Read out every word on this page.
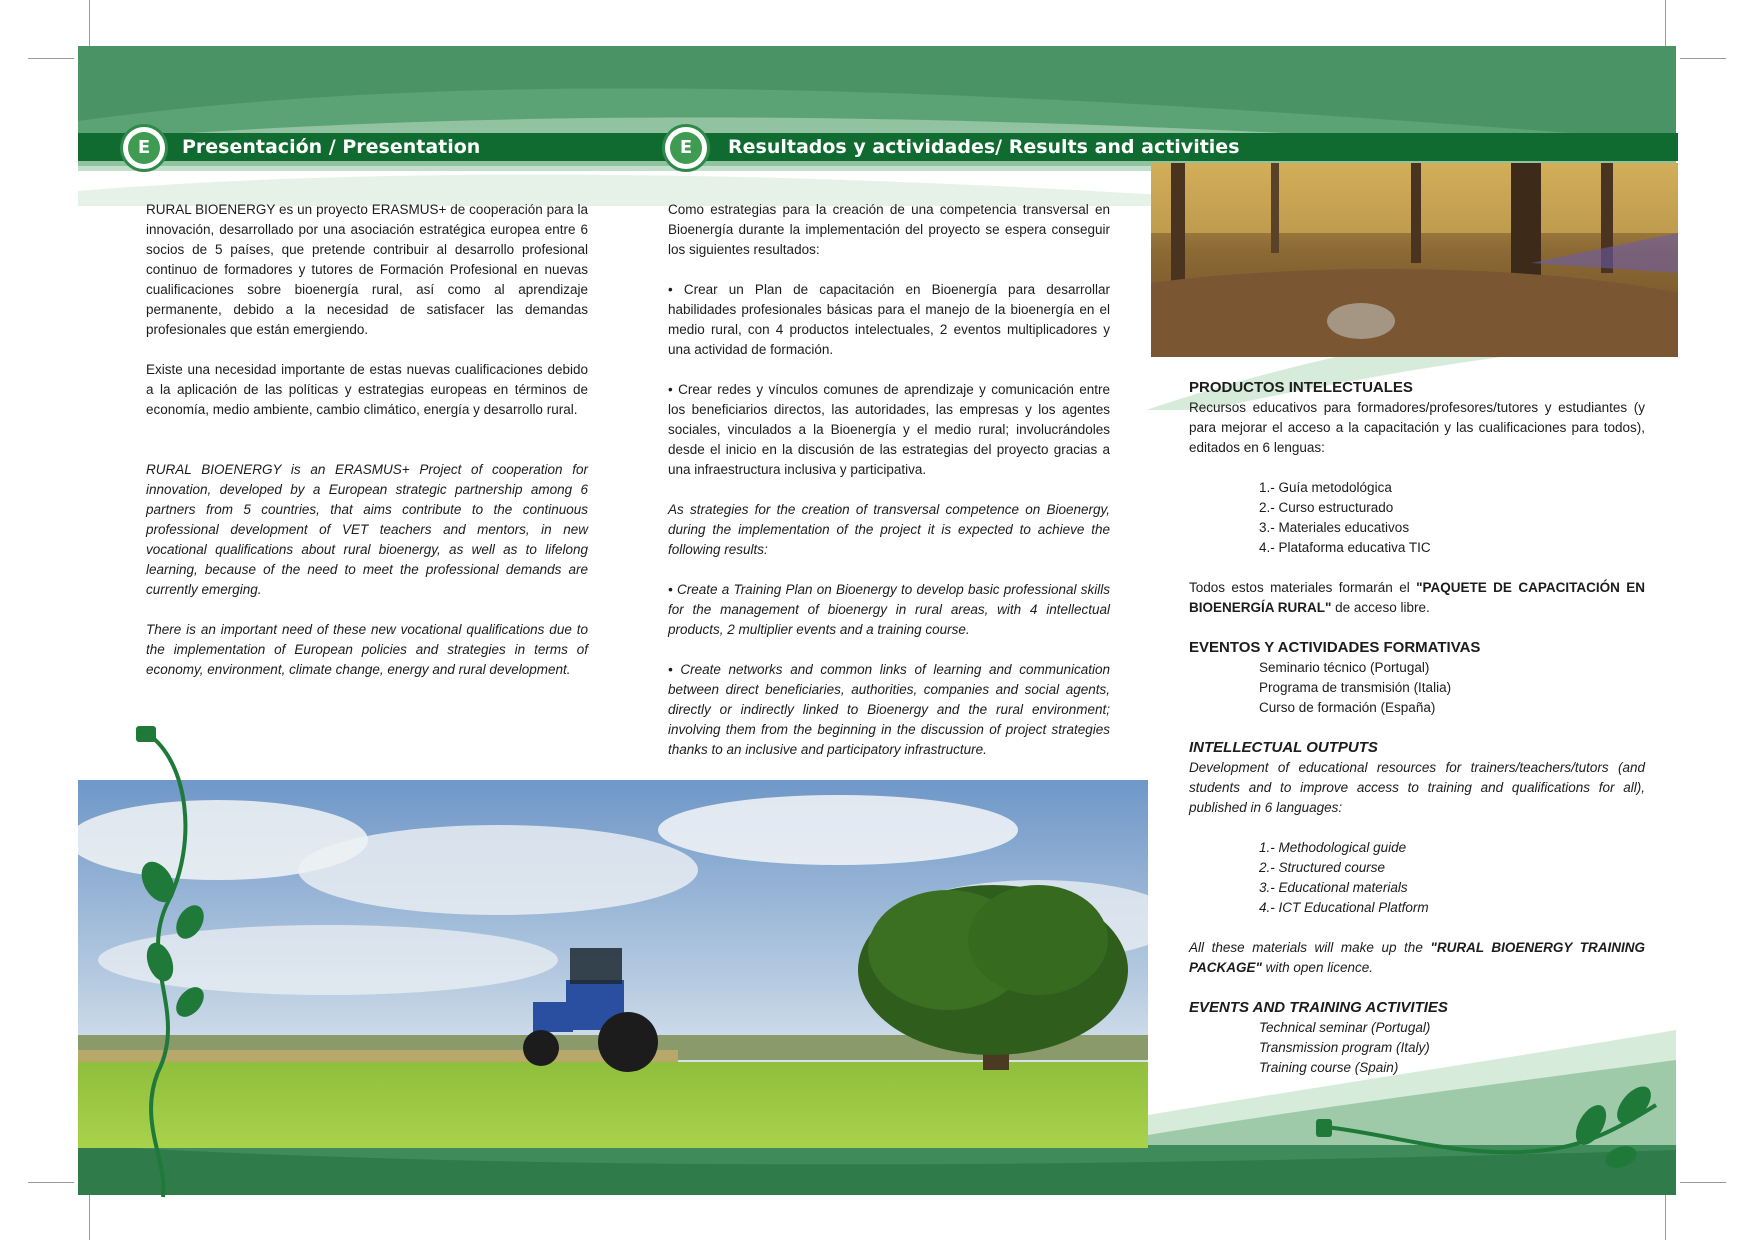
E	Presentación / Presentation	E	Resultados y actividades/ Results and activities

RURAL BIOENERGY es un proyecto ERASMUS+ de cooperación para la innovación, desarrollado por una asociación estratégica europea entre 6 socios de 5 países, que pretende contribuir al desarrollo profesional continuo de formadores y tutores de Formación Profesional en nuevas cualificaciones sobre bioenergía rural, así como al aprendizaje permanente, debido a la necesidad de satisfacer las demandas profesionales que están emergiendo.

Existe una necesidad importante de estas nuevas cualificaciones debido a la aplicación de las políticas y estrategias europeas en términos de economía, medio ambiente, cambio climático, energía y desarrollo rural.

RURAL BIOENERGY is an ERASMUS+ Project of cooperation for innovation, developed by a European strategic partnership among 6 partners from 5 countries, that aims contribute to the continuous professional development of VET teachers and mentors, in new vocational qualifications about rural bioenergy, as well as to lifelong learning, because of the need to meet the professional demands are currently emerging.

There is an important need of these new vocational qualifications due to the implementation of European policies and strategies in terms of economy, environment, climate change, energy and rural development.

Como estrategias para la creación de una competencia transversal en Bioenergía durante la implementación del proyecto se espera conseguir los siguientes resultados:

• Crear un Plan de capacitación en Bioenergía para desarrollar habilidades profesionales básicas para el manejo de la bioenergía en el medio rural, con 4 productos intelectuales, 2 eventos multiplicadores y una actividad de formación.

• Crear redes y vínculos comunes de aprendizaje y comunicación entre los beneficiarios directos, las autoridades, las empresas y los agentes sociales, vinculados a la Bioenergía y el medio rural; involucrándoles desde el inicio en la discusión de las estrategias del proyecto gracias a una infraestructura inclusiva y participativa.

As strategies for the creation of transversal competence on Bioenergy, during the implementation of the project it is expected to achieve the following results:

• Create a Training Plan on Bioenergy to develop basic professional skills for the management of bioenergy in rural areas, with 4 intellectual products, 2 multiplier events and a training course.

• Create networks and common links of learning and communication between direct beneficiaries, authorities, companies and social agents, directly or indirectly linked to Bioenergy and the rural environment; involving them from the beginning in the discussion of project strategies thanks to an inclusive and participatory infrastructure.

PRODUCTOS INTELECTUALES
Recursos educativos para formadores/profesores/tutores y estudiantes (y para mejorar el acceso a la capacitación y las cualificaciones para todos), editados en 6 lenguas:
1.- Guía metodológica
2.- Curso estructurado
3.- Materiales educativos
4.- Plataforma educativa TIC
Todos estos materiales formarán el "PAQUETE DE CAPACITACIÓN EN BIOENERGÍA RURAL" de acceso libre.
EVENTOS Y ACTIVIDADES FORMATIVAS
Seminario técnico (Portugal)
Programa de transmisión (Italia)
Curso de formación (España)
INTELLECTUAL OUTPUTS
Development of educational resources for trainers/teachers/tutors (and students and to improve access to training and qualifications for all), published in 6 languages:
1.- Methodological guide
2.- Structured course
3.- Educational materials
4.- ICT Educational Platform
All these materials will make up the "RURAL BIOENERGY TRAINING PACKAGE" with open licence.
EVENTS AND TRAINING ACTIVITIES
Technical seminar (Portugal)
Transmission program (Italy)
Training course (Spain)
